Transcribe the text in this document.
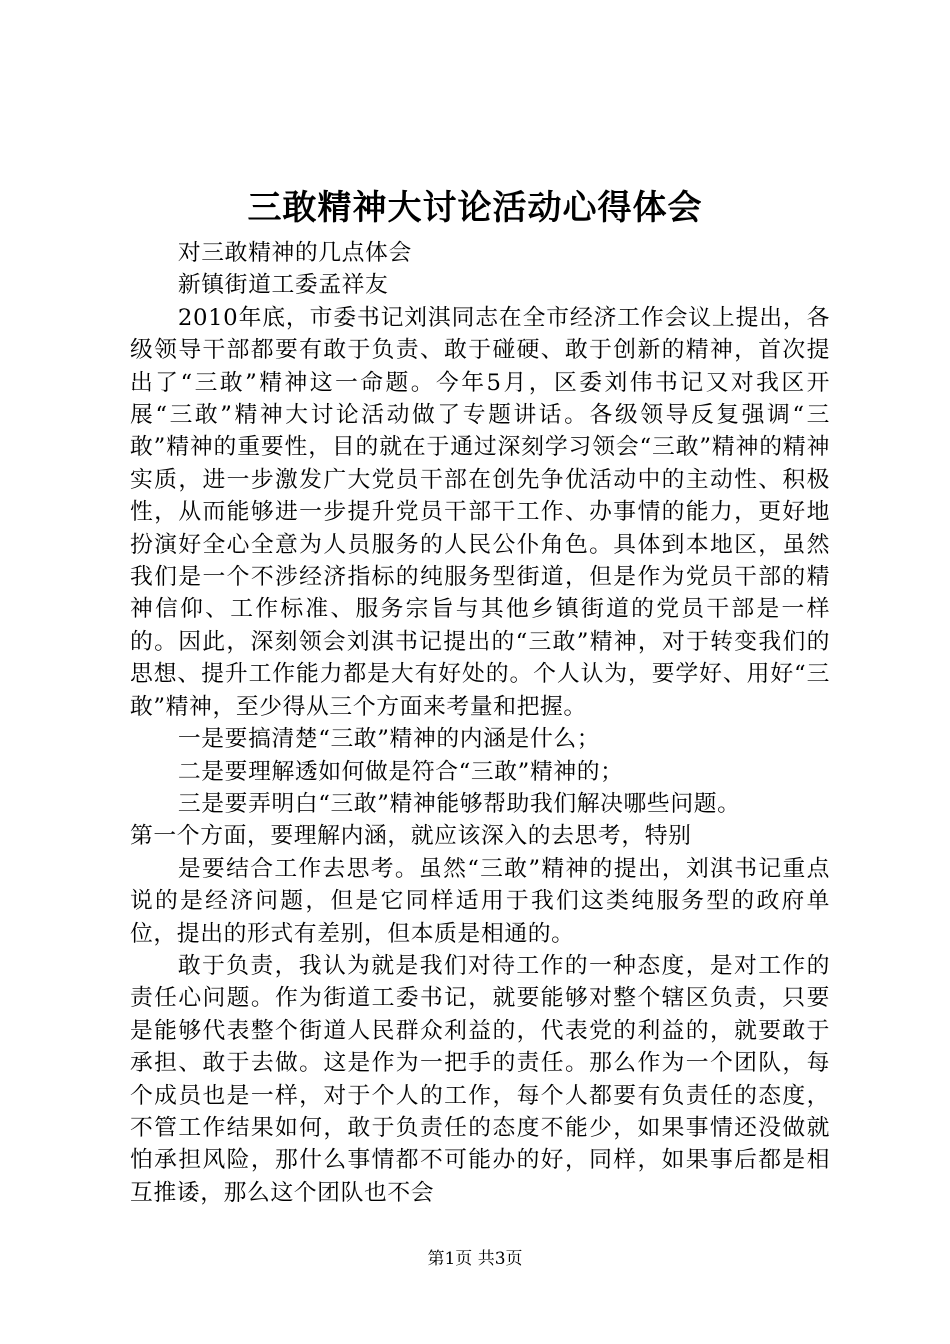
三敢精神大讨论活动心得体会

对三敢精神的几点体会

新镇街道工委孟祥友

2010年底，市委书记刘淇同志在全市经济工作会议上提出，各级领导干部都要有敢于负责、敢于碰硬、敢于创新的精神，首次提出了“三敢”精神这一命题。今年5月，区委刘伟书记又对我区开展“三敢”精神大讨论活动做了专题讲话。各级领导反复强调“三敢”精神的重要性，目的就在于通过深刻学习领会“三敢”精神的精神实质，进一步激发广大党员干部在创先争优活动中的主动性、积极性，从而能够进一步提升党员干部干工作、办事情的能力，更好地扮演好全心全意为人员服务的人民公仆角色。具体到本地区，虽然我们是一个不涉经济指标的纯服务型街道，但是作为党员干部的精神信仰、工作标准、服务宗旨与其他乡镇街道的党员干部是一样的。因此，深刻领会刘淇书记提出的“三敢”精神，对于转变我们的思想、提升工作能力都是大有好处的。个人认为，要学好、用好“三敢”精神，至少得从三个方面来考量和把握。

一是要搞清楚“三敢”精神的内涵是什么；

二是要理解透如何做是符合“三敢”精神的；

三是要弄明白“三敢”精神能够帮助我们解决哪些问题。

第一个方面，要理解内涵，就应该深入的去思考，特别

是要结合工作去思考。虽然“三敢”精神的提出，刘淇书记重点说的是经济问题，但是它同样适用于我们这类纯服务型的政府单位，提出的形式有差别，但本质是相通的。

敢于负责，我认为就是我们对待工作的一种态度，是对工作的责任心问题。作为街道工委书记，就要能够对整个辖区负责，只要是能够代表整个街道人民群众利益的，代表党的利益的，就要敢于承担、敢于去做。这是作为一把手的责任。那么作为一个团队，每个成员也是一样，对于个人的工作，每个人都要有负责任的态度，不管工作结果如何，敢于负责任的态度不能少，如果事情还没做就怕承担风险，那什么事情都不可能办的好，同样，如果事后都是相互推诿，那么这个团队也不会

第1页 共3页
